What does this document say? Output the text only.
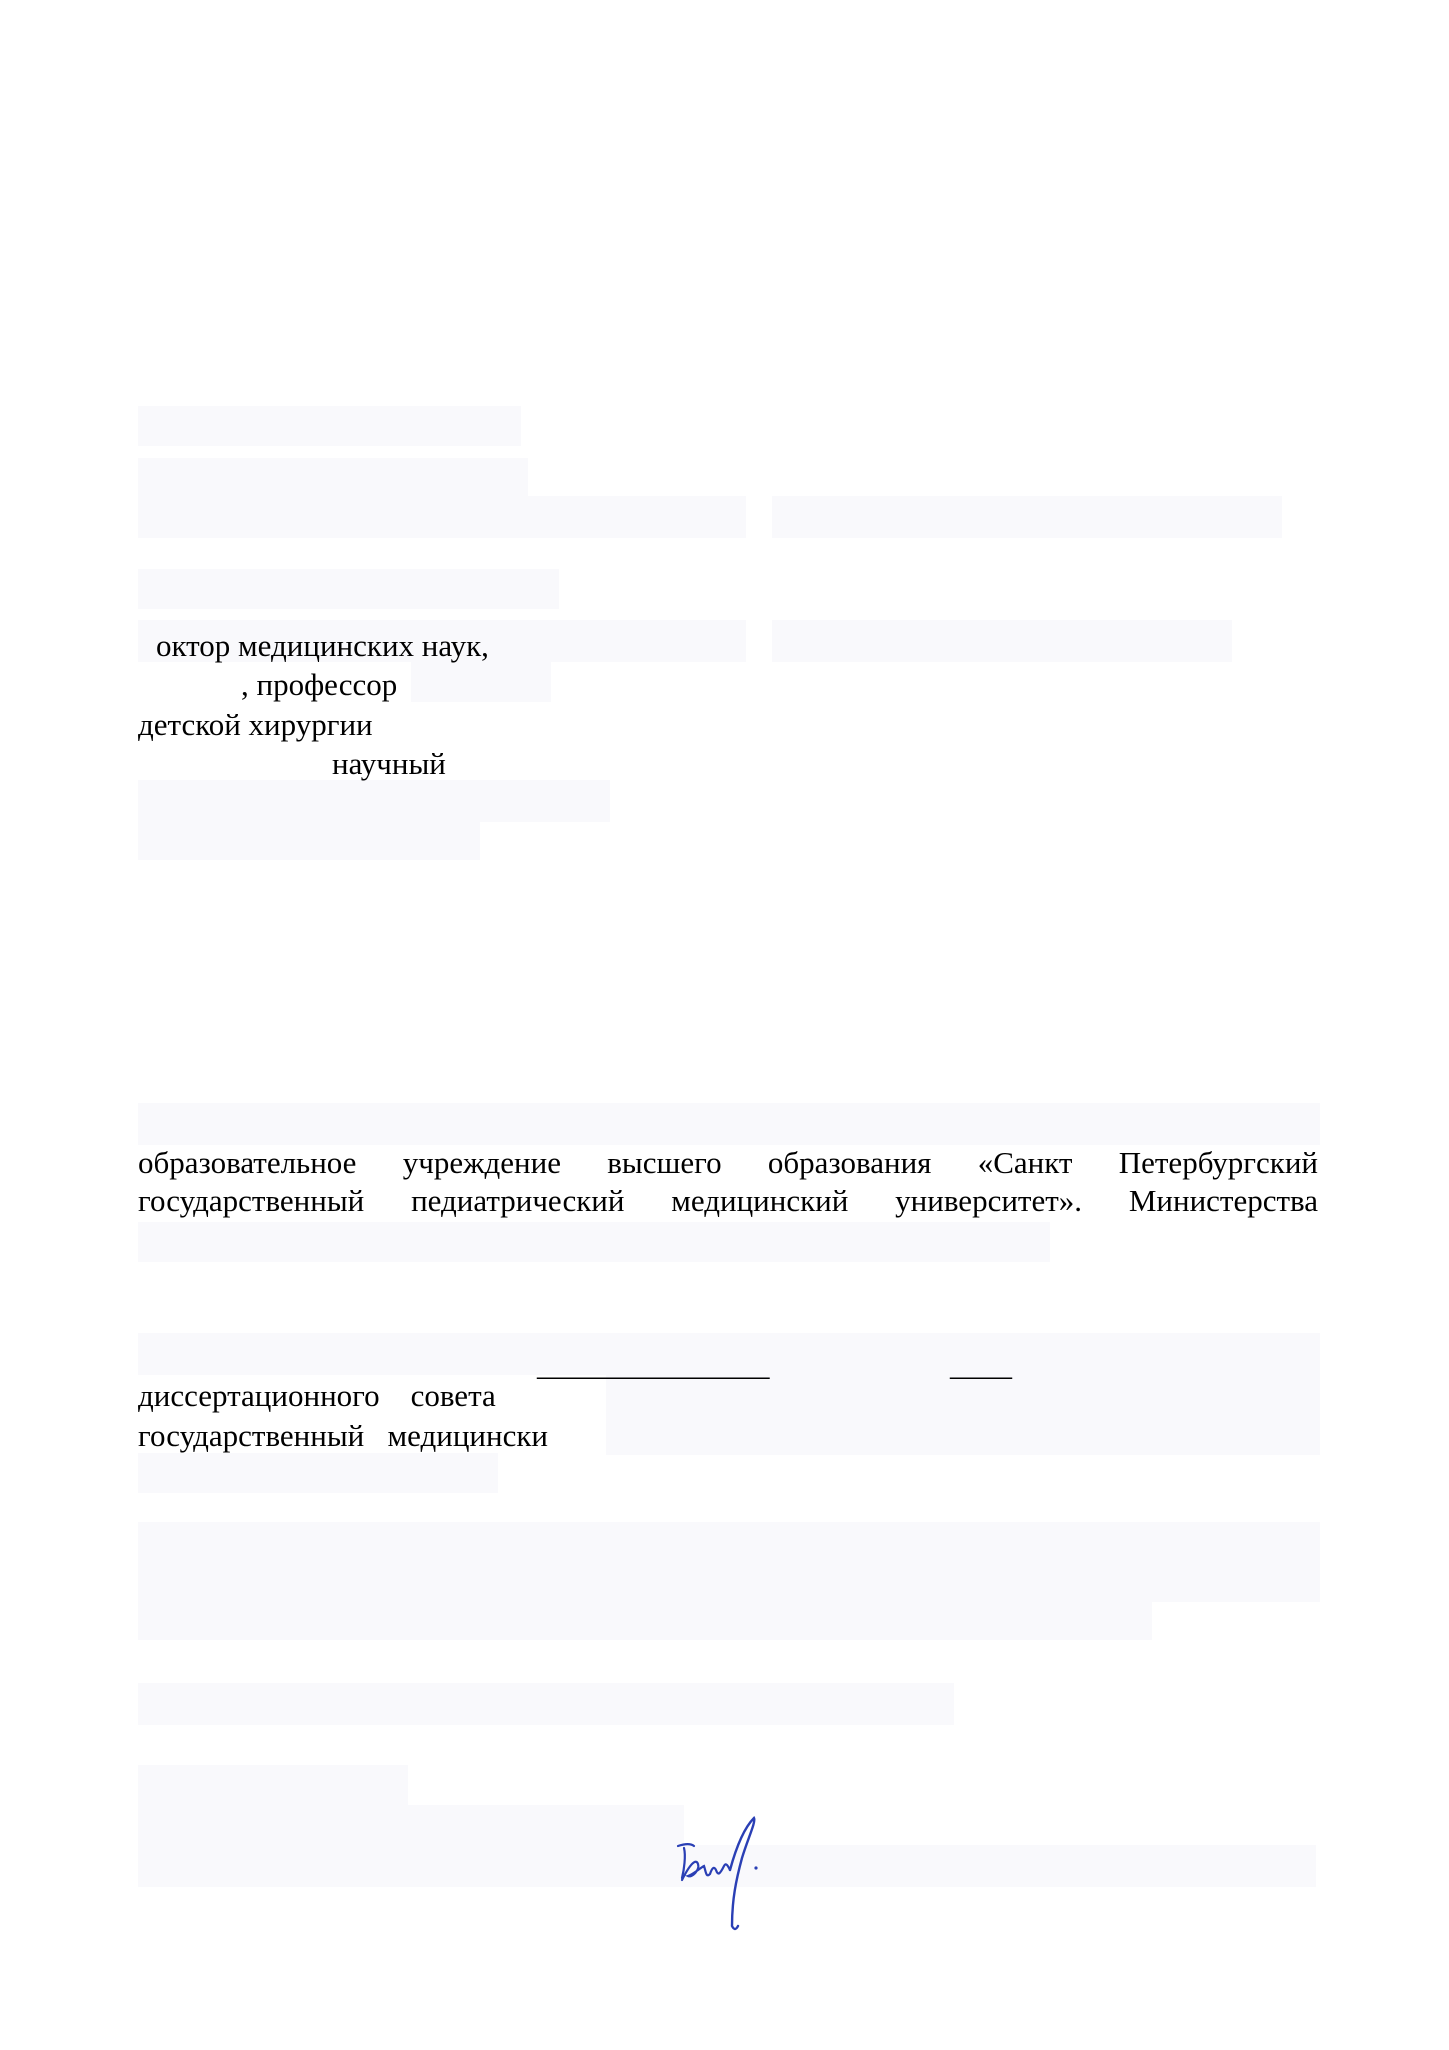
октор медицинских наук,
, профессор
детской хирургии
научный
образовательное учреждение высшего образования «Санкт Петербургский
государственный педиатрический медицинский университет». Министерства
_______________	____
диссертационного    совета
государственный   медицински
